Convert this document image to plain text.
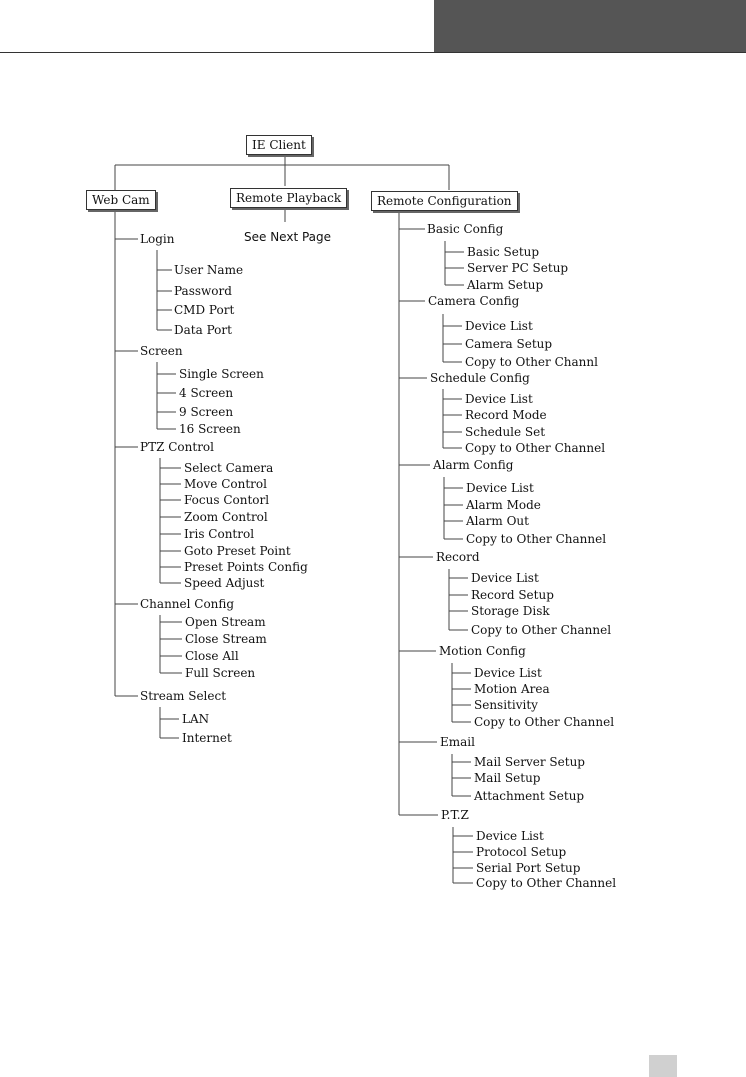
IE Client
Web Cam	Remote Playback	Remote Configuration
See Next Page
Login
User Name
Password
CMD Port
Data Port
Screen
Single Screen
4 Screen
9 Screen
16 Screen
PTZ Control
Select Camera
Move Control
Focus Contorl
Zoom Control
Iris Control
Goto Preset Point
Preset Points Config
Speed Adjust
Channel Config
Open Stream
Close Stream
Close All
Full Screen
Stream Select
LAN
Internet
Basic Config
Basic Setup
Server PC Setup
Alarm Setup
Camera Config
Device List
Camera Setup
Copy to Other Channl
Schedule Config
Device List
Record Mode
Schedule Set
Copy to Other Channel
Alarm Config
Device List
Alarm Mode
Alarm Out
Copy to Other Channel
Record
Device List
Record Setup
Storage Disk
Copy to Other Channel
Motion Config
Device List
Motion Area
Sensitivity
Copy to Other Channel
Email
Mail Server Setup
Mail Setup
Attachment Setup
P.T.Z
Device List
Protocol Setup
Serial Port Setup
Copy to Other Channel
